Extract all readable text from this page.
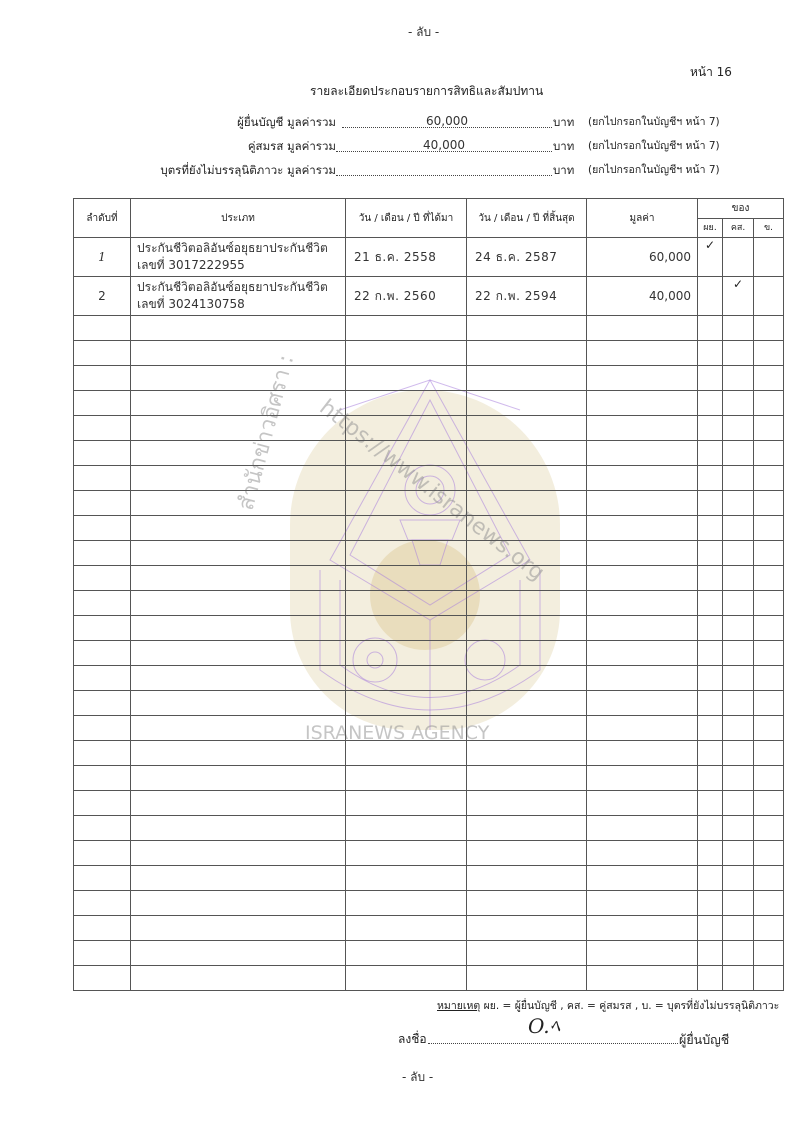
- ลับ -
หน้า 16
รายละเอียดประกอบรายการสิทธิและสัมปทาน
ผู้ยื่นบัญชี มูลค่ารวม	60,000	บาท (ยกไปกรอกในบัญชีฯ หน้า 7)
คู่สมรส มูลค่ารวม	40,000	บาท (ยกไปกรอกในบัญชีฯ หน้า 7)
บุตรที่ยังไม่บรรลุนิติภาวะ มูลค่ารวม	บาท (ยกไปกรอกในบัญชีฯ หน้า 7)
สำนักข่าวอิศรา : https://www.isranews.org
ISRANEWS AGENCY
ลำดับที่	ประเภท	วัน / เดือน / ปี ที่ได้มา	วัน / เดือน / ปี ที่สิ้นสุด	มูลค่า	ของ		
					ผย.	คส.	ข.
1	ประกันชีวิตอลิอันซ์อยุธยาประกันชีวิต
เลขที่ 3017222955	21 ธ.ค. 2558	24 ธ.ค. 2587	60,000	✓		
2	ประกันชีวิตอลิอันซ์อยุธยาประกันชีวิต
เลขที่ 3024130758	22 ก.พ. 2560	22 ก.พ. 2594	40,000		✓	

หมายเหตุ ผย. = ผู้ยื่นบัญชี , คส. = คู่สมรส , บ. = บุตรที่ยังไม่บรรลุนิติภาวะ
ลงชื่อ
O.ﾍ
ผู้ยื่นบัญชี
- ลับ -
